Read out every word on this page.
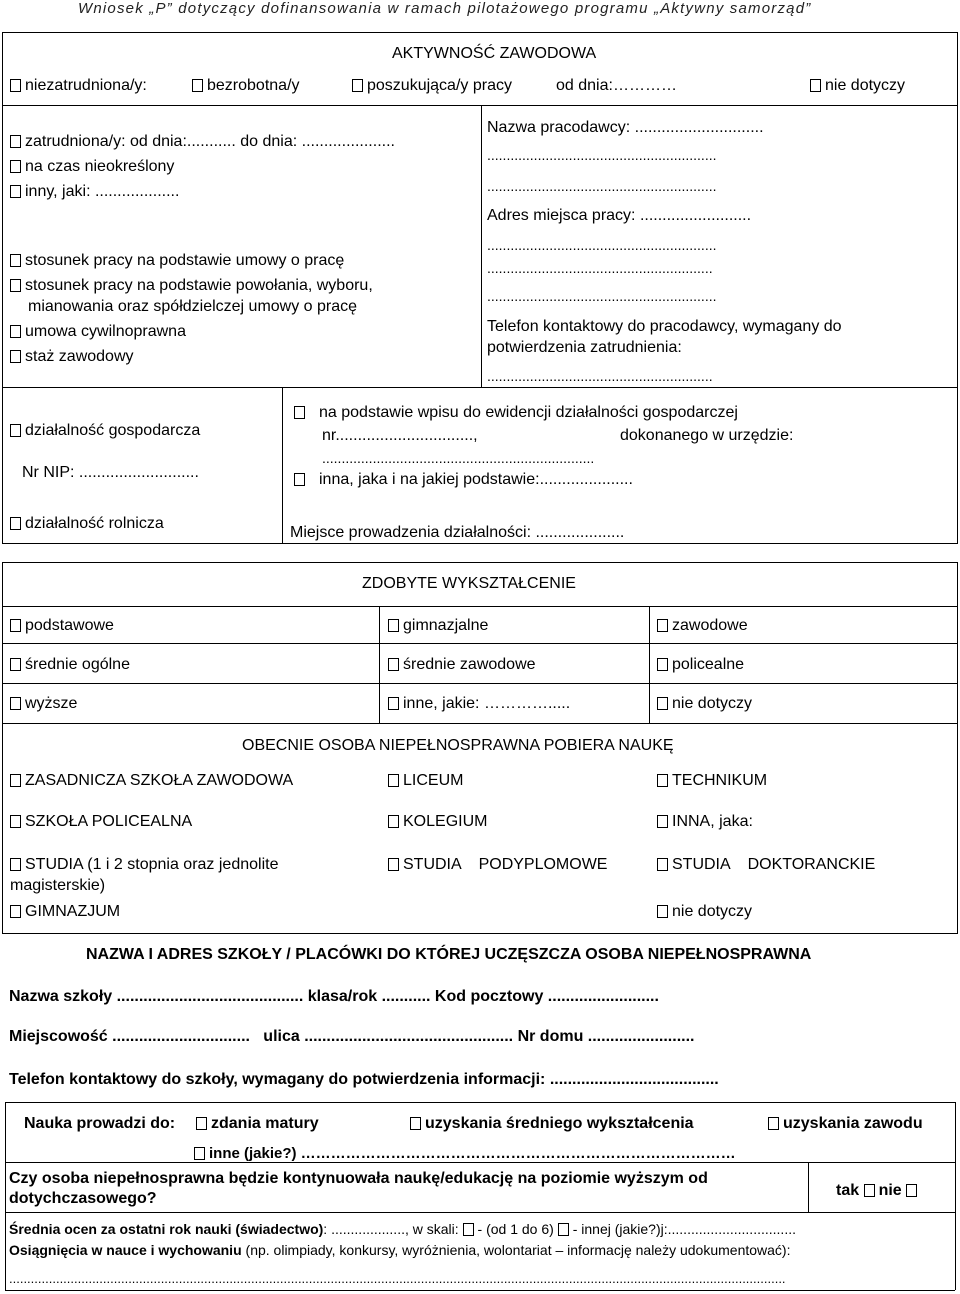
Wniosek „P” dotyczący dofinansowania w ramach pilotażowego programu „Aktywny samorząd”
AKTYWNOŚĆ ZAWODOWA
niezatrudniona/y:	bezrobotna/y	poszukująca/y pracy	od dnia:…………	nie dotyczy
zatrudniona/y: od dnia:........... do dnia: .....................
na czas nieokreślony
inny, jaki: ...................
stosunek pracy na podstawie umowy o pracę
stosunek pracy na podstawie powołania, wyboru,
mianowania oraz spółdzielczej umowy o pracę
umowa cywilnoprawna
staż zawodowy
Nazwa pracodawcy: .............................
...........................................................
...........................................................
Adres miejsca pracy: .........................
...........................................................
..........................................................
...........................................................
Telefon kontaktowy do pracodawcy, wymagany do
potwierdzenia zatrudnienia:
..........................................................
działalność gospodarcza
Nr NIP: ...........................
działalność rolnicza
na podstawie wpisu do ewidencji działalności gospodarczej
nr...............................,	dokonanego w urzędzie:
......................................................................
inna, jaka i na jakiej podstawie:.....................
Miejsce prowadzenia działalności: ....................
ZDOBYTE WYKSZTAŁCENIE
podstawowe	gimnazjalne	zawodowe
średnie ogólne	średnie zawodowe	policealne
wyższe	inne, jakie: ………….....	nie dotyczy
OBECNIE OSOBA NIEPEŁNOSPRAWNA POBIERA NAUKĘ
ZASADNICZA SZKOŁA ZAWODOWA	LICEUM	TECHNIKUM
SZKOŁA POLICEALNA	KOLEGIUM	INNA, jaka:
STUDIA (1 i 2 stopnia oraz jednolite
magisterskie)
STUDIA    PODYPLOMOWE	STUDIA    DOKTORANCKIE
GIMNAZJUM	nie dotyczy
NAZWA I ADRES SZKOŁY / PLACÓWKI DO KTÓREJ UCZĘSZCZA OSOBA NIEPEŁNOSPRAWNA
Nazwa szkoły .......................................... klasa/rok ........... Kod pocztowy .........................
Miejscowość ...............................   ulica ............................................... Nr domu ........................
Telefon kontaktowy do szkoły, wymagany do potwierdzenia informacji: ......................................
Nauka prowadzi do:	zdania matury	uzyskania średniego wykształcenia	uzyskania zawodu
inne (jakie?) ……………………………………………………………………………
Czy osoba niepełnosprawna będzie kontynuowała naukę/edukację na poziomie wyższym od
dotychczasowego?	tak nie
Średnia ocen za ostatni rok nauki (świadectwo): ..................., w skali: - (od 1 do 6) - innej (jakie?)j:.................................
Osiągnięcia w nauce i wychowaniu (np. olimpiady, konkursy, wyróżnienia, wolontariat – informację należy udokumentować):
.......................................................................................................................................................................................................................
